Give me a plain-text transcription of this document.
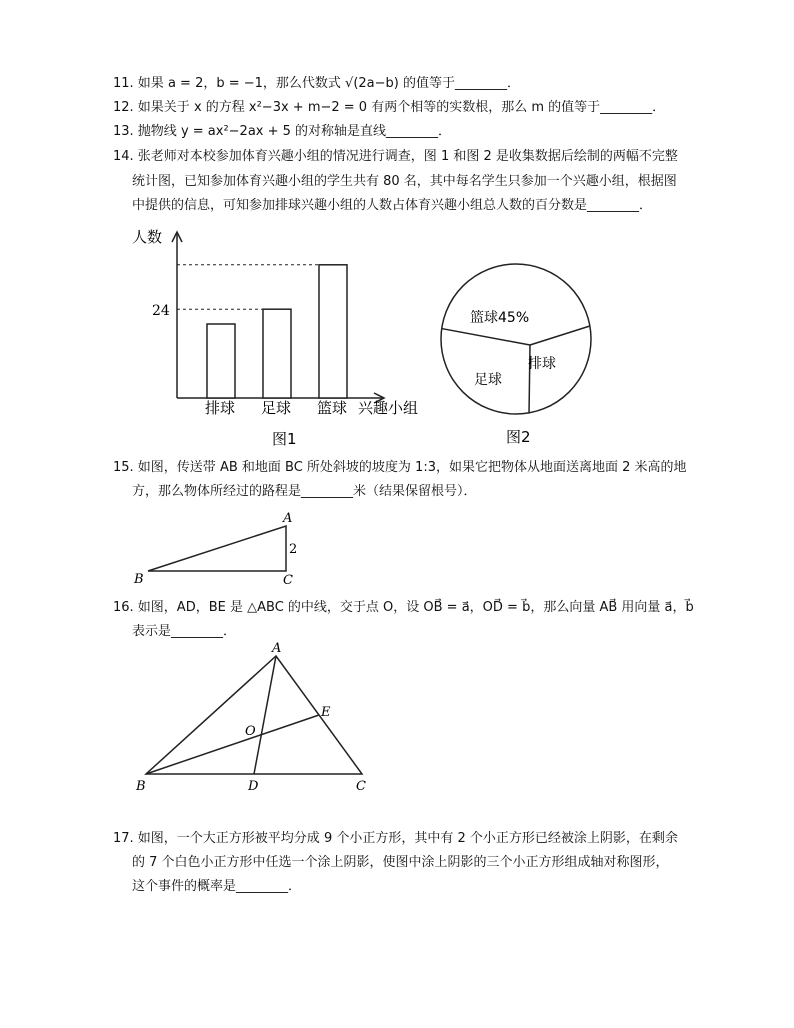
11. 如果 a = 2，b = −1，那么代数式 √(2a−b) 的值等于________．
12. 如果关于 x 的方程 x²−3x + m−2 = 0 有两个相等的实数根，那么 m 的值等于________．
13. 抛物线 y = ax²−2ax + 5 的对称轴是直线________．
14. 张老师对本校参加体育兴趣小组的情况进行调查，图 1 和图 2 是收集数据后绘制的两幅不完整
统计图，已知参加体育兴趣小组的学生共有 80 名，其中每名学生只参加一个兴趣小组，根据图
中提供的信息，可知参加排球兴趣小组的人数占体育兴趣小组总人数的百分数是________．
人数
兴趣小组
24
排球 足球 篮球
图1
篮球45%
排球
足球
图2
15. 如图，传送带 AB 和地面 BC 所处斜坡的坡度为 1:3，如果它把物体从地面送离地面 2 米高的地
方，那么物体所经过的路程是________米（结果保留根号）．
A
B	C
2
16. 如图，AD，BE 是 △ABC 的中线，交于点 O，设 OB⃗ = a⃗，OD⃗ = b⃗，那么向量 AB⃗ 用向量 a⃗，b⃗
表示是________．
A
B	C
D
E
O
17. 如图，一个大正方形被平均分成 9 个小正方形，其中有 2 个小正方形已经被涂上阴影，在剩余
的 7 个白色小正方形中任选一个涂上阴影，使图中涂上阴影的三个小正方形组成轴对称图形，
这个事件的概率是________．
